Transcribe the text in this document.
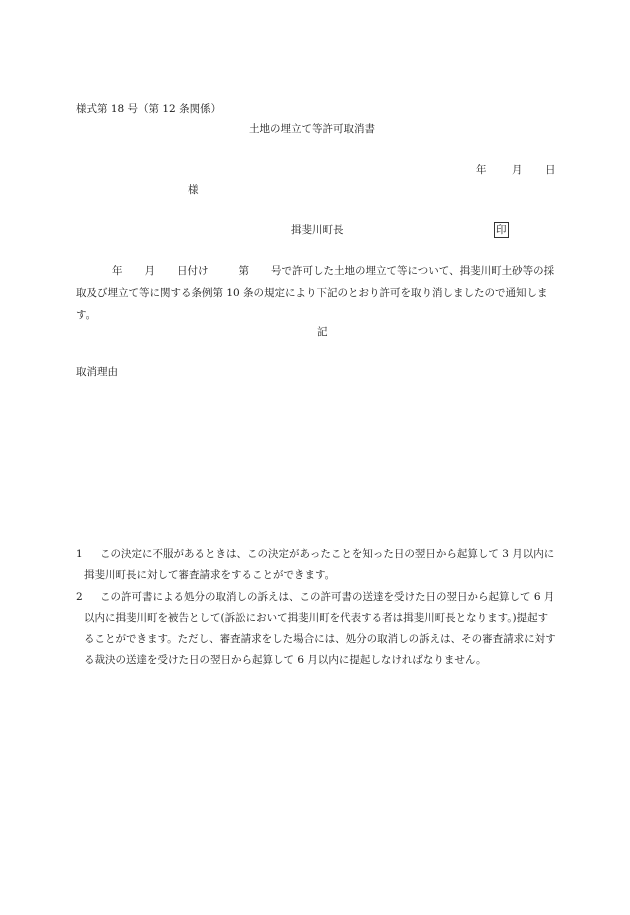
様式第 18 号（第 12 条関係）
土地の埋立て等許可取消書
年 月 日
様
揖斐川町長	印
年 月 日付け	第 号で許可した土地の埋立て等について、揖斐川町土砂等の採取及び埋立て等に関する条例第 10 条の規定により下記のとおり許可を取り消しましたので通知します。
記
取消理由
1	この決定に不服があるときは、この決定があったことを知った日の翌日から起算して 3 月以内に揖斐川町長に対して審査請求をすることができます。
2	この許可書による処分の取消しの訴えは、この許可書の送達を受けた日の翌日から起算して 6 月以内に揖斐川町を被告として(訴訟において揖斐川町を代表する者は揖斐川町長となります。)提起することができます。ただし、審査請求をした場合には、処分の取消しの訴えは、その審査請求に対する裁決の送達を受けた日の翌日から起算して 6 月以内に提起しなければなりません。
